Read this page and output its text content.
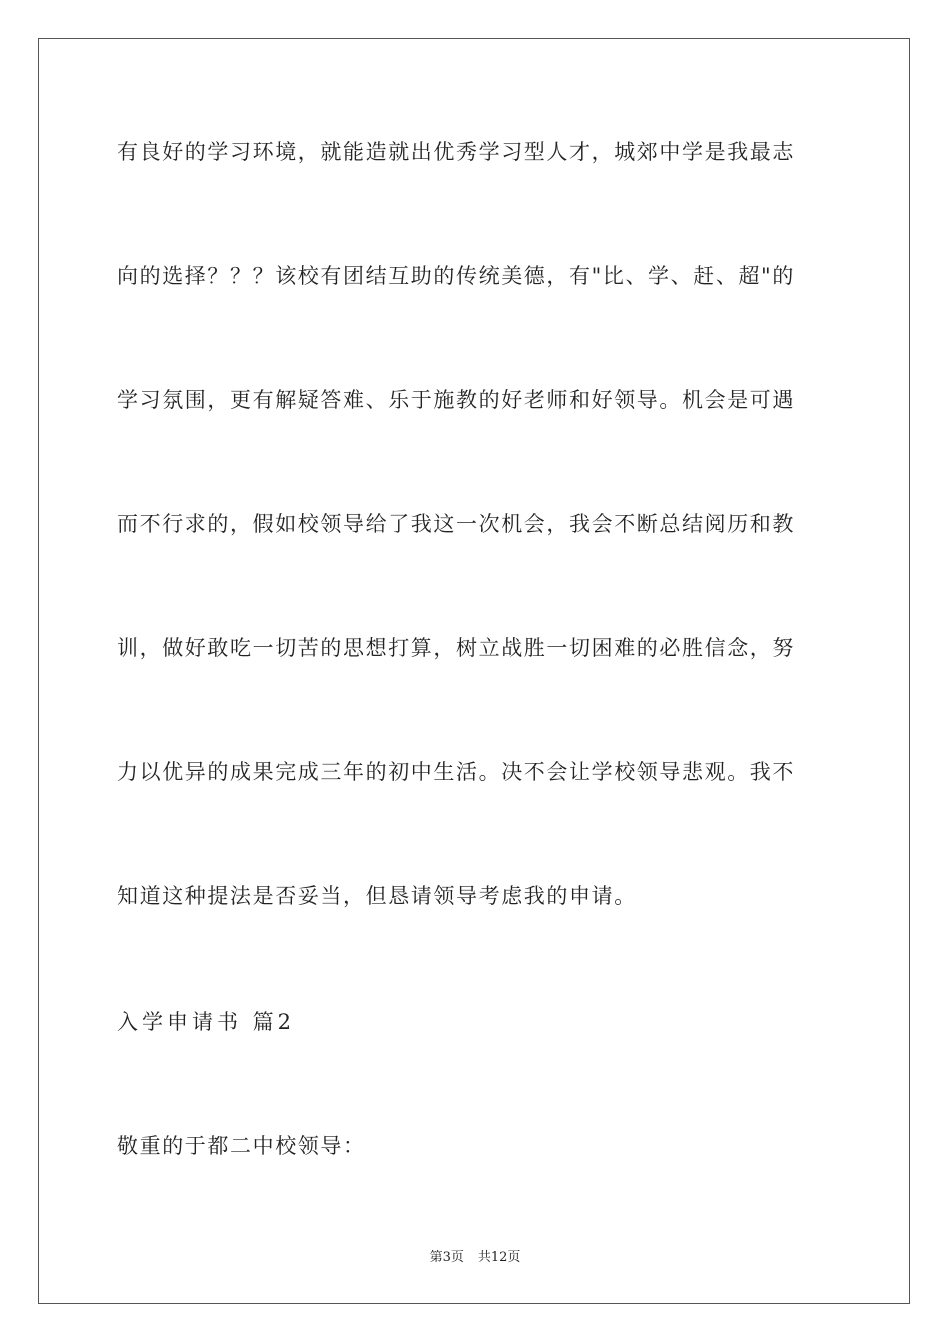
有良好的学习环境，就能造就出优秀学习型人才，城郊中学是我最志
向的选择？？？该校有团结互助的传统美德，有"比、学、赶、超"的
学习氛围，更有解疑答难、乐于施教的好老师和好领导。机会是可遇
而不行求的，假如校领导给了我这一次机会，我会不断总结阅历和教
训，做好敢吃一切苦的思想打算，树立战胜一切困难的必胜信念，努
力以优异的成果完成三年的初中生活。决不会让学校领导悲观。我不
知道这种提法是否妥当，但恳请领导考虑我的申请。
入学申请书 篇2
敬重的于都二中校领导：
第3页 共12页
